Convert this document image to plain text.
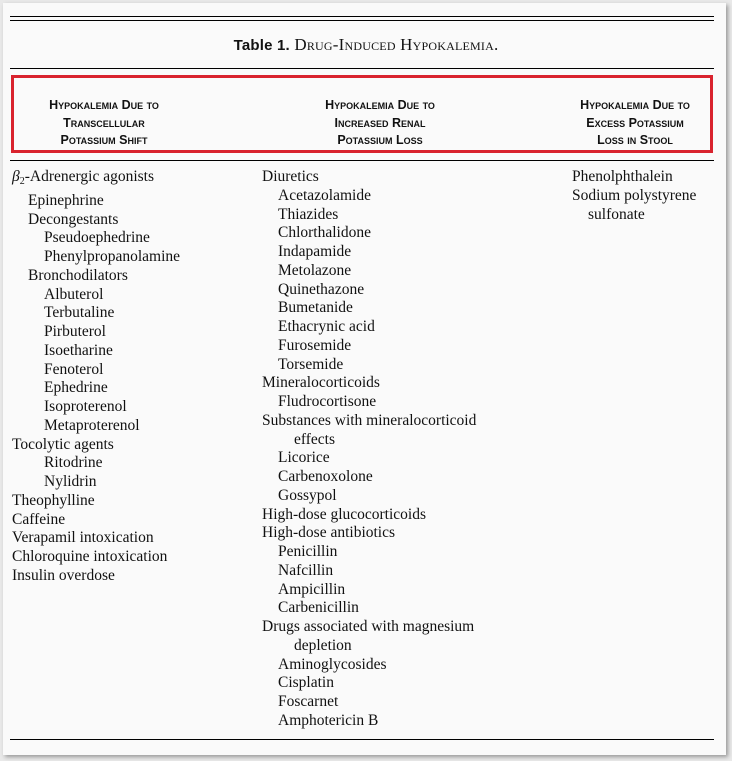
Table 1. Drug-Induced Hypokalemia.
Hypokalemia Due to
Transcellular
Potassium Shift
Hypokalemia Due to
Increased Renal
Potassium Loss
Hypokalemia Due to
Excess Potassium
Loss in Stool
$\beta_2$-Adrenergic agonists
Epinephrine
Decongestants
Pseudoephedrine
Phenylpropanolamine
Bronchodilators
Albuterol
Terbutaline
Pirbuterol
Isoetharine
Fenoterol
Ephedrine
Isoproterenol
Metaproterenol
Tocolytic agents
Ritodrine
Nylidrin
Theophylline
Caffeine
Verapamil intoxication
Chloroquine intoxication
Insulin overdose
Diuretics
Acetazolamide
Thiazides
Chlorthalidone
Indapamide
Metolazone
Quinethazone
Bumetanide
Ethacrynic acid
Furosemide
Torsemide
Mineralocorticoids
Fludrocortisone
Substances with mineralocorticoid
effects
Licorice
Carbenoxolone
Gossypol
High-dose glucocorticoids
High-dose antibiotics
Penicillin
Nafcillin
Ampicillin
Carbenicillin
Drugs associated with magnesium
depletion
Aminoglycosides
Cisplatin
Foscarnet
Amphotericin B
Phenolphthalein
Sodium polystyrene
sulfonate
